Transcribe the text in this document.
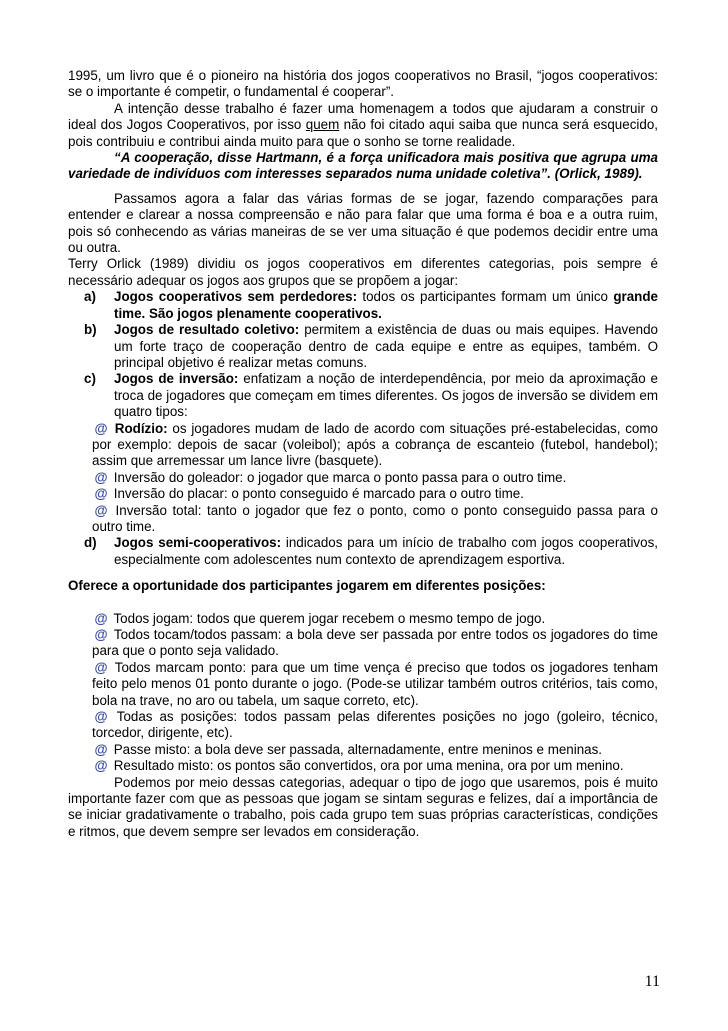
1995, um livro que é o pioneiro na história dos jogos cooperativos no Brasil, “jogos cooperativos: se o importante é competir, o fundamental é cooperar”.

A intenção desse trabalho é fazer uma homenagem a todos que ajudaram a construir o ideal dos Jogos Cooperativos, por isso quem não foi citado aqui saiba que nunca será esquecido, pois contribuiu e contribui ainda muito para que o sonho se torne realidade.

“A cooperação, disse Hartmann, é a força unificadora mais positiva que agrupa uma variedade de indivíduos com interesses separados numa unidade coletiva”. (Orlick, 1989).

Passamos agora a falar das várias formas de se jogar, fazendo comparações para entender e clarear a nossa compreensão e não para falar que uma forma é boa e a outra ruim, pois só conhecendo as várias maneiras de se ver uma situação é que podemos decidir entre uma ou outra.

Terry Orlick (1989) dividiu os jogos cooperativos em diferentes categorias, pois sempre é necessário adequar os jogos aos grupos que se propõem a jogar:

a)	Jogos cooperativos sem perdedores: todos os participantes formam um único grande time. São jogos plenamente cooperativos.
b)	Jogos de resultado coletivo: permitem a existência de duas ou mais equipes. Havendo um forte traço de cooperação dentro de cada equipe e entre as equipes, também. O principal objetivo é realizar metas comuns.
c)	Jogos de inversão: enfatizam a noção de interdependência, por meio da aproximação e troca de jogadores que começam em times diferentes. Os jogos de inversão se dividem em quatro tipos:

@ Rodízio: os jogadores mudam de lado de acordo com situações pré-estabelecidas, como por exemplo: depois de sacar (voleibol); após a cobrança de escanteio (futebol, handebol); assim que arremessar um lance livre (basquete).

@ Inversão do goleador: o jogador que marca o ponto passa para o outro time.

@ Inversão do placar: o ponto conseguido é marcado para o outro time.

@ Inversão total: tanto o jogador que fez o ponto, como o ponto conseguido passa para o outro time.

d)	Jogos semi-cooperativos: indicados para um início de trabalho com jogos cooperativos, especialmente com adolescentes num contexto de aprendizagem esportiva.

Oferece a oportunidade dos participantes jogarem em diferentes posições:

@ Todos jogam: todos que querem jogar recebem o mesmo tempo de jogo.

@ Todos tocam/todos passam: a bola deve ser passada por entre todos os jogadores do time para que o ponto seja validado.

@ Todos marcam ponto: para que um time vença é preciso que todos os jogadores tenham feito pelo menos 01 ponto durante o jogo. (Pode-se utilizar também outros critérios, tais como, bola na trave, no aro ou tabela, um saque correto, etc).

@ Todas as posições: todos passam pelas diferentes posições no jogo (goleiro, técnico, torcedor, dirigente, etc).

@ Passe misto: a bola deve ser passada, alternadamente, entre meninos e meninas.

@ Resultado misto: os pontos são convertidos, ora por uma menina, ora por um menino.

Podemos por meio dessas categorias, adequar o tipo de jogo que usaremos, pois é muito importante fazer com que as pessoas que jogam se sintam seguras e felizes, daí a importância de se iniciar gradativamente o trabalho, pois cada grupo tem suas próprias características, condições e ritmos, que devem sempre ser levados em consideração.

11
